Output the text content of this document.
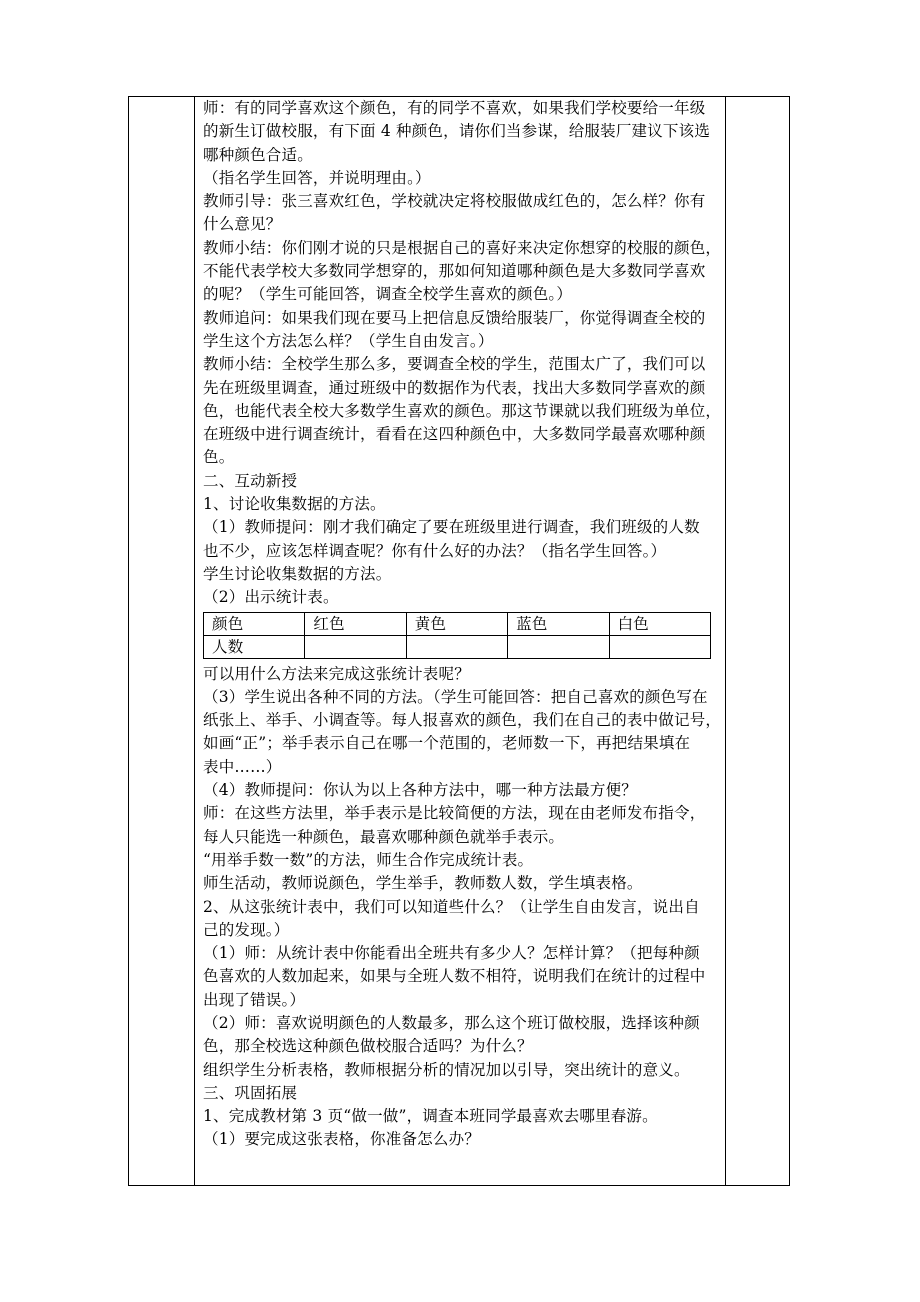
师：有的同学喜欢这个颜色，有的同学不喜欢，如果我们学校要给一年级
的新生订做校服，有下面 4 种颜色，请你们当参谋，给服装厂建议下该选
哪种颜色合适。
（指名学生回答，并说明理由。）
教师引导：张三喜欢红色，学校就决定将校服做成红色的，怎么样？你有
什么意见？
教师小结：你们刚才说的只是根据自己的喜好来决定你想穿的校服的颜色，
不能代表学校大多数同学想穿的，那如何知道哪种颜色是大多数同学喜欢
的呢？（学生可能回答，调查全校学生喜欢的颜色。）
教师追问：如果我们现在要马上把信息反馈给服装厂，你觉得调查全校的
学生这个方法怎么样？（学生自由发言。）
教师小结：全校学生那么多，要调查全校的学生，范围太广了，我们可以
先在班级里调查，通过班级中的数据作为代表，找出大多数同学喜欢的颜
色，也能代表全校大多数学生喜欢的颜色。那这节课就以我们班级为单位，
在班级中进行调查统计，看看在这四种颜色中，大多数同学最喜欢哪种颜
色。
二、互动新授
1、讨论收集数据的方法。
（1）教师提问：刚才我们确定了要在班级里进行调查，我们班级的人数
也不少，应该怎样调查呢？你有什么好的办法？（指名学生回答。）
学生讨论收集数据的方法。
（2）出示统计表。
颜色	红色	黄色	蓝色	白色
人数				
可以用什么方法来完成这张统计表呢？
（3）学生说出各种不同的方法。（学生可能回答：把自己喜欢的颜色写在
纸张上、举手、小调查等。每人报喜欢的颜色，我们在自己的表中做记号，
如画“正”；举手表示自己在哪一个范围的，老师数一下，再把结果填在
表中……）
（4）教师提问：你认为以上各种方法中，哪一种方法最方便？
师：在这些方法里，举手表示是比较简便的方法，现在由老师发布指令，
每人只能选一种颜色，最喜欢哪种颜色就举手表示。
“用举手数一数”的方法，师生合作完成统计表。
师生活动，教师说颜色，学生举手，教师数人数，学生填表格。
2、从这张统计表中，我们可以知道些什么？（让学生自由发言，说出自
己的发现。）
（1）师：从统计表中你能看出全班共有多少人？怎样计算？（把每种颜
色喜欢的人数加起来，如果与全班人数不相符，说明我们在统计的过程中
出现了错误。）
（2）师：喜欢说明颜色的人数最多，那么这个班订做校服，选择该种颜
色，那全校选这种颜色做校服合适吗？为什么？
组织学生分析表格，教师根据分析的情况加以引导，突出统计的意义。
三、巩固拓展
1、完成教材第 3 页“做一做”，调查本班同学最喜欢去哪里春游。
（1）要完成这张表格，你准备怎么办？
